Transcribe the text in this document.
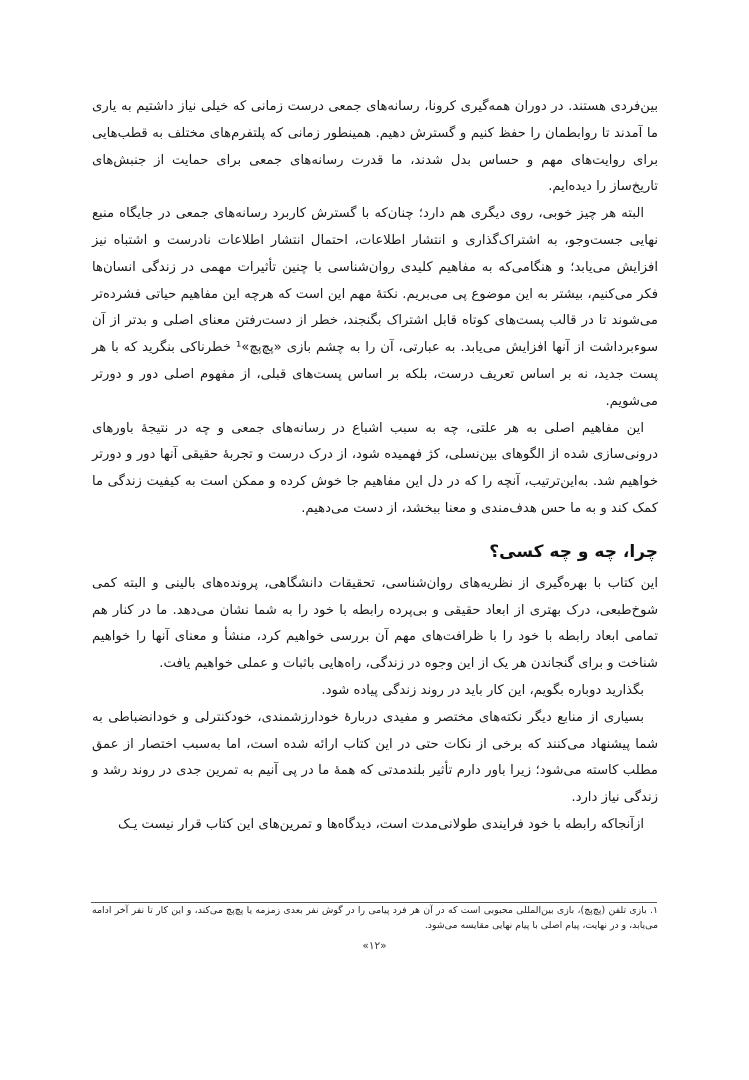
بین‌فردی هستند. در دوران همه‌گیری کرونا، رسانه‌های جمعی درست زمانی که خیلی نیاز داشتیم به یاری ما آمدند تا روابطمان را حفظ کنیم و گسترش دهیم. همینطور زمانی که پلتفرم‌های مختلف به قطب‌هایی برای روایت‌های مهم و حساس بدل شدند، ما قدرت رسانه‌های جمعی برای حمایت از جنبش‌های تاریخ‌ساز را دیده‌ایم.

البته هر چیز خوبی، روی دیگری هم دارد؛ چنان‌که با گسترش کاربرد رسانه‌های جمعی در جایگاه منبع نهایی جست‌وجو، به اشتراک‌گذاری و انتشار اطلاعات، احتمال انتشار اطلاعات نادرست و اشتباه نیز افزایش می‌یابد؛ و هنگامی‌که به مفاهیم کلیدی روان‌شناسی با چنین تأثیرات مهمی در زندگی انسان‌ها فکر می‌کنیم، بیشتر به این موضوع پی می‌بریم. نکتهٔ مهم این است که هرچه این مفاهیم حیاتی فشرده‌تر می‌شوند تا در قالب پست‌های کوتاه قابل اشتراک بگنجند، خطر از دست‌رفتن معنای اصلی و بدتر از آن سوءبرداشت از آنها افزایش می‌یابد. به عبارتی، آن را به چشم بازی «پچ‌پچ»¹ خطرناکی بنگرید که با هر پست جدید، نه بر اساس تعریف درست، بلکه بر اساس پست‌های قبلی، از مفهوم اصلی دور و دورتر می‌شویم.

این مفاهیم اصلی به هر علتی، چه به سبب اشباع در رسانه‌های جمعی و چه در نتیجهٔ باورهای درونی‌سازی شده از الگوهای بین‌نسلی، کژ فهمیده شود، از درک درست و تجربهٔ حقیقی آنها دور و دورتر خواهیم شد. به‌این‌ترتیب، آنچه را که در دل این مفاهیم جا خوش کرده و ممکن است به کیفیت زندگی ما کمک کند و به ما حس هدف‌مندی و معنا ببخشد، از دست می‌دهیم.

چرا، چه و چه کسی؟

این کتاب با بهره‌گیری از نظریه‌های روان‌شناسی، تحقیقات دانشگاهی، پرونده‌های بالینی و البته کمی شوخ‌طبعی، درک بهتری از ابعاد حقیقی و بی‌پرده رابطه با خود را به شما نشان می‌دهد. ما در کنار هم تمامی ابعاد رابطه با خود را با ظرافت‌های مهم آن بررسی خواهیم کرد، منشأ و معنای آنها را خواهیم شناخت و برای گنجاندن هر یک از این وجوه در زندگی، راه‌هایی باثبات و عملی خواهیم یافت.

بگذارید دوباره بگویم، این کار باید در روند زندگی پیاده شود.

بسیاری از منابع دیگر نکته‌های مختصر و مفیدی دربارهٔ خودارزشمندی، خودکنترلی و خودانضباطی به شما پیشنهاد می‌کنند که برخی از نکات حتی در این کتاب ارائه شده است، اما به‌سبب اختصار از عمق مطلب کاسته می‌شود؛ زیرا باور دارم تأثیر بلندمدتی که همهٔ ما در پی آنیم به تمرین جدی در روند رشد و زندگی نیاز دارد.

ازآنجاکه رابطه با خود فرایندی طولانی‌مدت است، دیدگاه‌ها و تمرین‌های این کتاب قرار نیست یـک

۱. بازی تلفن (پچ‌پچ)، بازی بین‌المللی محبوبی است که در آن هر فرد پیامی را در گوش نفر بعدی زمزمه یا پچ‌پچ می‌کند، و این کار تا نفر آخر ادامه می‌یابد، و در نهایت، پیام اصلی با پیام نهایی مقایسه می‌شود.
«۱۲»
